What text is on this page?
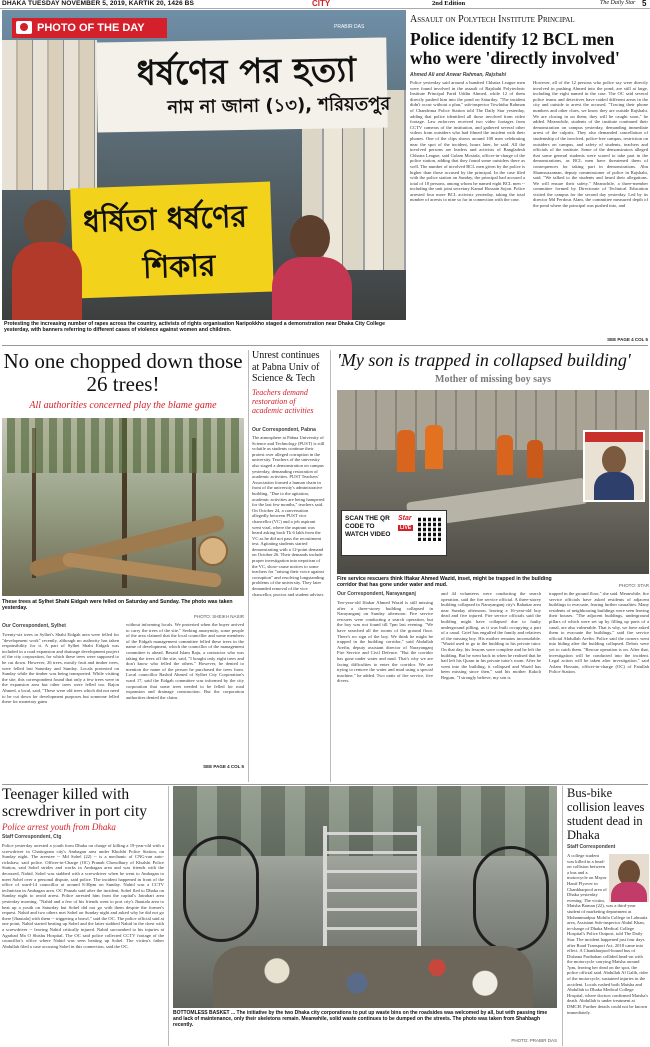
DHAKA TUESDAY NOVEMBER 5, 2019, KARTIK 20, 1426 BS	CITY	2nd Edition	The Daily Star 5
ধর্ষণের পর হত্যা
নাম না জানা (১৩), শরিয়তপুর
ধর্ষিতা ধর্ষণের
শিকার
PHOTO OF THE DAY	PRABIR DAS
Protesting the increasing number of rapes across the country, activists of rights organisation Naripokkho staged a demonstration near Dhaka City College yesterday, with banners referring to different cases of violence against women and children.
Assault on Polytech Institute Principal
Police identify 12 BCL men who were 'directly involved'
Ahmed Ali and Anwar Rahman, Rajshahi
Police yesterday said around a hundred Chhatra League men were found involved in the assault of Rajshahi Polytechnic Institute Principal Farid Uddin Ahmed, while 12 of them directly pushed him into the pond on Saturday. "The incident didn't occur without a plan," sub-inspector Towhidur Rahman of Chandrima Police Station told The Daily Star yesterday, adding that police identified all those involved from video footage. Law enforcers received two video footages from CCTV cameras of the institution, and gathered several other videos from outsiders who had filmed the incident with their phones. One of the clips shows around 100 men celebrating near the spot of the incident, hours later, he said. All the involved persons are leaders and activists of Bangladesh Chhatra League, said Golam Mostafa, officer-in-charge of the police station, adding that they found some outsiders there as well. The number of involved BCL men given by the police is higher than those accused by the principal. In the case filed with the police station on Sunday, the principal had accused a total of 18 persons, among whom he named eight BCL men -- including the unit joint secretary Kamal Hossain Sojon. Police arrested four more BCL activists yesterday, taking the total number of arrests to nine so far in connection with the case.
However, all of the 12 persons who police say were directly involved in pushing Ahmed into the pond, are still at large, including the eight named in the case. The OC said several police teams and detectives have raided different areas in the city and outside to arrest the accused. "Tracing their phone numbers and other clues, we know they are outside Rajshahi. We are closing in on them; they will be caught soon," he added. Meanwhile, students of the institute continued their demonstration on campus yesterday, demanding immediate arrest of the culprits. They also demanded cancellation of studentship of the involved, police-free campus, restriction on outsiders on campus, and safety of students, teachers and officials of the institute. Some of the demonstrators alleged that some general students were scared to take part in the demonstrations, as BCL men have threatened them of consequences for taking part in demonstrations. Abu Shamsuzzaman, deputy commissioner of police in Rajshahi, said, "We talked to the students and heard their allegations. We will ensure their safety." Meanwhile, a three-member committee formed by Directorate of Technical Education visited the campus for the second day yesterday. Led by its director Md Ferdous Alam, the committee measured depth of the pond where the principal was pushed into, and
SEE PAGE 4 COL 5
No one chopped down those 26 trees!
All authorities concerned play the blame game
These trees at Sylhet Shahi Eidgah were felled on Saturday and Sunday. The photo was taken yesterday.
PHOTO: SHEIKH NASIR
Our Correspondent, Sylhet
Twenty-six trees in Sylhet's Shahi Eidgah area were felled for "development work" recently, although no authority has taken responsibility for it. A part of Sylhet Shahi Eidgah was included in a road expansion and drainage development project of the city corporation, for which these trees were supposed to be cut down. However, 26 trees, mostly fruit and timber trees, were felled last Saturday and Sunday. Locals protested on Sunday while the timber was being transported. While visiting the site, this correspondent found that only a few trees were in the expansion area but other trees were felled too. Rajon Ahmed, a local, said, "These were old trees which did not need to be cut down for development purposes but someone felled these for monetary gains
without informing locals. We protested when the buyer arrived to carry the trees of the site." Seeking anonymity, some people of the area claimed that the local councillor and some members of the Eidgah management committee felled these trees in the name of development, which the councillor of the management committee is ahead. Besaid Islam Raju, a contractor who was taking the trees off the site, said, "I bought only eight trees and don't know who felled the others." However, he denied to mention the name of the person he purchased the trees from. Local councillor Rashid Ahmed of Sylhet City Corporation's ward 17, said the Eidgah committee was informed by the city corporation that some trees needed to be felled for road expansion and drainage construction. But the corporation authorities denied the claim.
SEE PAGE 4 COL 5
Unrest continues at Pabna Univ of Science & Tech
Teachers demand restoration of academic activities
Our Correspondent, Pabna
The atmosphere at Pabna University of Science and Technology (PUST) is still volatile as students continue their protest over alleged corruption in the university. Teachers of the university also staged a demonstration on campus yesterday, demanding restoration of academic activities. PUST Teachers' Association formed a human chain in front of the university's administrative building. "Due to the agitation, academic activities are being hampered for the last few months," teachers said. On October 24, a conversation allegedly between PUST vice chancellor (VC) and a job aspirant went viral, where the aspirant was heard asking back Tk 6 lakh from the VC as he did not pass the recruitment test. Agitating students started demonstrating with a 12-point demand on October 26. Their demands include proper investigation into nepotism of the VC, show-cause notices to some teachers for "raising their voice against corruption" and resolving longstanding problems of the university. They later demanded removal of the vice chancellor, proctor and student adviser.
'My son is trapped in collapsed building'
Mother of missing boy says
SCAN THE QR CODE TO WATCH VIDEO
Star
LIVE
Fire service rescuers think Iftakar Ahmed Wazid, inset, might be trapped in the building corridor that has gone under water and mud.	PHOTO: STAR
Our Correspondent, Narayanganj
Ten-year-old Iftakar Ahmed Wazid is still missing after a three-storey building collapsed in Narayanganj on Sunday afternoon. Fire service rescuers were conducting a search operation, but the boy was not found till 7pm last evening. "We have searched all the rooms of the ground floor. There's no sign of the boy. We think he might be trapped in the building corridor," said Abdullah Arefin, deputy assistant director of Narayanganj Fire Service and Civil Defence. "But the corridor has gone under water and mud. That's why we are facing difficulties to enter the corridor. We are trying to remove the water and mud using a special machine," he added. Two units of fire service, five divers,
and 44 volunteers were conducting the search operation, said the fire service official. A three-storey building collapsed in Narayanganj city's Bahattar area near Sunday afternoon, leaving a 16-year-old boy dead and five injured. Fire service officials said the building might have collapsed due to faulty underground pilling, as it was built occupying a part of a canal. Grief has engulfed the family and relatives of the missing boy. His mother remains inconsolable. "Wazid used to go to the building to his private tutor. On that day, his lessons were complete and he left the building. But he went back in when he realised that he had left his Quran in his private tutor's room. After he went into the building, it collapsed and Wazid has been missing since then," said his mother Kakoli Begum. "I strongly believe, my son is
trapped in the ground floor," she said. Meanwhile, fire service officials have asked residents of adjacent buildings to evacuate, fearing further casualties. Many residents of neighbouring buildings were seen leaving their houses. "The adjacent buildings, underground pillars of which were set up by filling up parts of a canal, are also vulnerable. That is why, we have asked them to evacuate the buildings," said fire service official Abdullah Arefin. Police said the owners went into hiding after the building collapsed. Debris were yet to catch them. "Rescue operation is on. After that, investigation will be conducted into the incident. Legal action will be taken after investigation," said Aslam Hossain, officer-in-charge (OC) of Fatullah Police Station.
Teenager killed with screwdriver in port city
Police arrest youth from Dhaka
Staff Correspondent, Ctg
Police yesterday arrested a youth from Dhaka on charge of killing a 19-year-old with a screwdriver in Chattogram city's Ambagan area under Khulshi Police Station, on Sunday night. The arrestee -- Md Sohel (22) -- is a mechanic of CNG-run auto-rickshaw, said police. Officer-in-Charge (OC) Pranab Chowdhury of Khulshi Police Station, said Sohel strides and works in Ambagan area and was friends with the deceased, Nahid. Sohel was stabbed with a screwdriver when he went to Ambagan to meet Sohel over a personal dispute, said police. The incident happened in front of the office of ward-14 councillor at around 8:30pm on Sunday. Nahid was a CCTV technician in Ambagan area. OC Pranab said after the incident, Sohel fled to Dhaka on Sunday night to avoid arrest. Police arrested him from the capital's Jatrabari area yesterday morning. "Nahid and a few of his friends went to port city's Jhautala area to beat up a youth on Saturday but Sohel did not go with them despite the former's request. Nahid and two others met Sohel on Sunday night and asked why he did not go there [Jhautala] with them -- triggering a brawl," said the OC. The police official said at one point, Nahid started beating up Sohel and the latter stabbed Nahid in the chest with a screwdriver -- leaving Nahid critically injured. Nahid succumbed to his injuries at Agrabad Ma O Shishu Hospital. The OC said police collected CCTV footage of the councillor's office where Nahid was seen beating up Sohel. The victim's father Abdullah filed a case accusing Sohel in this connection, said the OC.
BOTTOMLESS BASKET ... The initiative by the two Dhaka city corporations to put up waste bins on the roadsides was welcomed by all, but with passing time and lack of maintenance, only their skeletons remain. Meanwhile, solid waste continues to be dumped on the streets. The photo was taken from Shahbagh recently.
PHOTO: PRABIR DAS
Bus-bike collision leaves student dead in Dhaka
Staff Correspondent
A college student was killed in a head-on collision between a bus and a motorcycle on Mayor Hanif Flyover in Chankharpool area of Dhaka yesterday evening. The victim, Maisha Barnan (22), was a third-year student of marketing department at Mohammadpur Mohila College in Lalmatia area, Assistant Sub-inspector Abdul Khan, in-charge of Dhaka Medical College Hospital's Police Outpost, told The Daily Star. The incident happened just four days after Road Transport Act, 2018 came into effect. A Chankharpool-bound bus of Dishana Paribahan collided head-on with the motorcycle carrying Maisha around 7pm, leaving her dead on the spot, the police official said. Abdullah Al Galib, rider of the motorcycle, sustained injuries in the accident. Locals rushed both Maisha and Abdullah to Dhaka Medical College Hospital, where doctors confirmed Maisha's death. Abdullah is under treatment at DMCH. Further details could not be known immediately.
